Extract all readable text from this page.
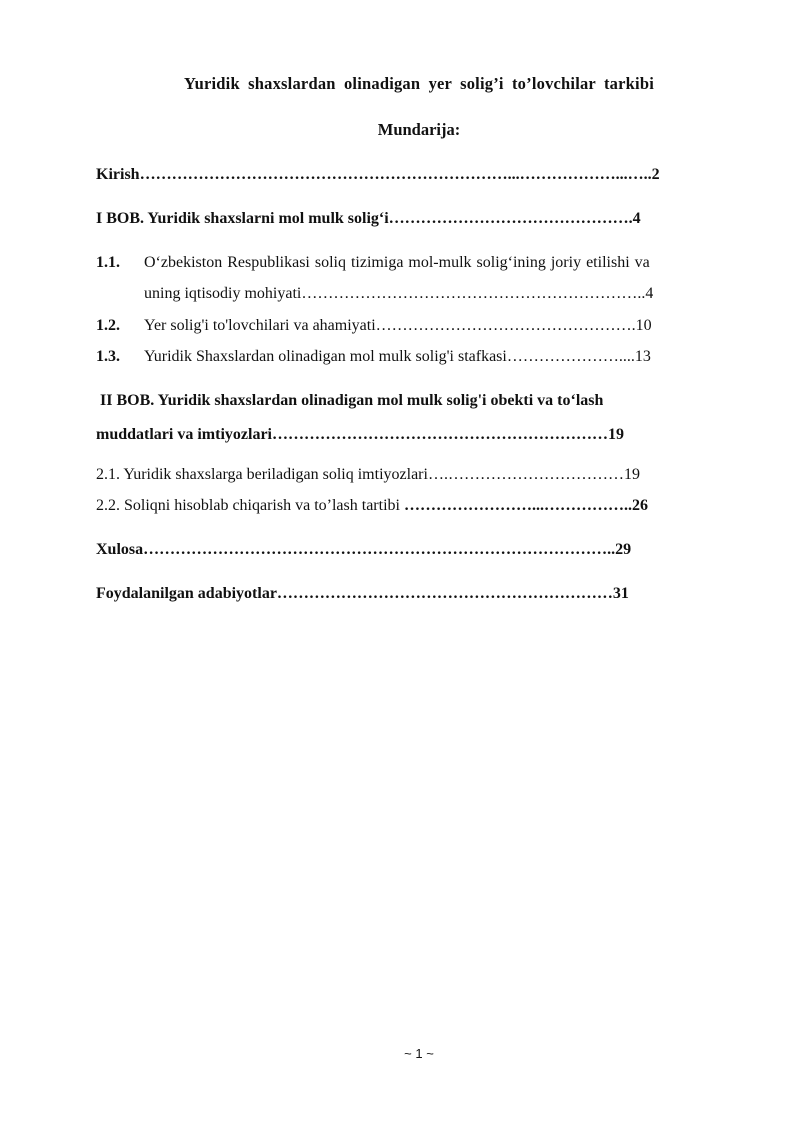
Yuridik shaxslardan olinadigan yer solig’i to’lovchilar tarkibi
Mundarija:
Kirish……………………………………………………………...………………...…..2
I BOB. Yuridik shaxslarni mol mulk solig‘i……………………………………….4
1.1. O‘zbekiston Respublikasi soliq tizimiga mol-mulk solig‘ining joriy etilishi va
uning iqtisodiy mohiyati………………………………………………………..4
1.2. Yer solig'i to'lovchilari va ahamiyati………………………………………….10
1.3. Yuridik Shaxslardan olinadigan mol mulk solig'i stafkasi…………………....13
II BOB. Yuridik shaxslardan olinadigan mol mulk solig'i obekti va to‘lash
muddatlari va imtiyozlari………………………………………………………19
2.1. Yuridik shaxslarga beriladigan soliq imtiyozlari….……………………………19
2.2. Soliqni hisoblab chiqarish va to’lash tartibi ……………………...……………..26
Xulosa……………………………………………………………………………..29
Foydalanilgan adabiyotlar………………………………………………………31
~ 1 ~
